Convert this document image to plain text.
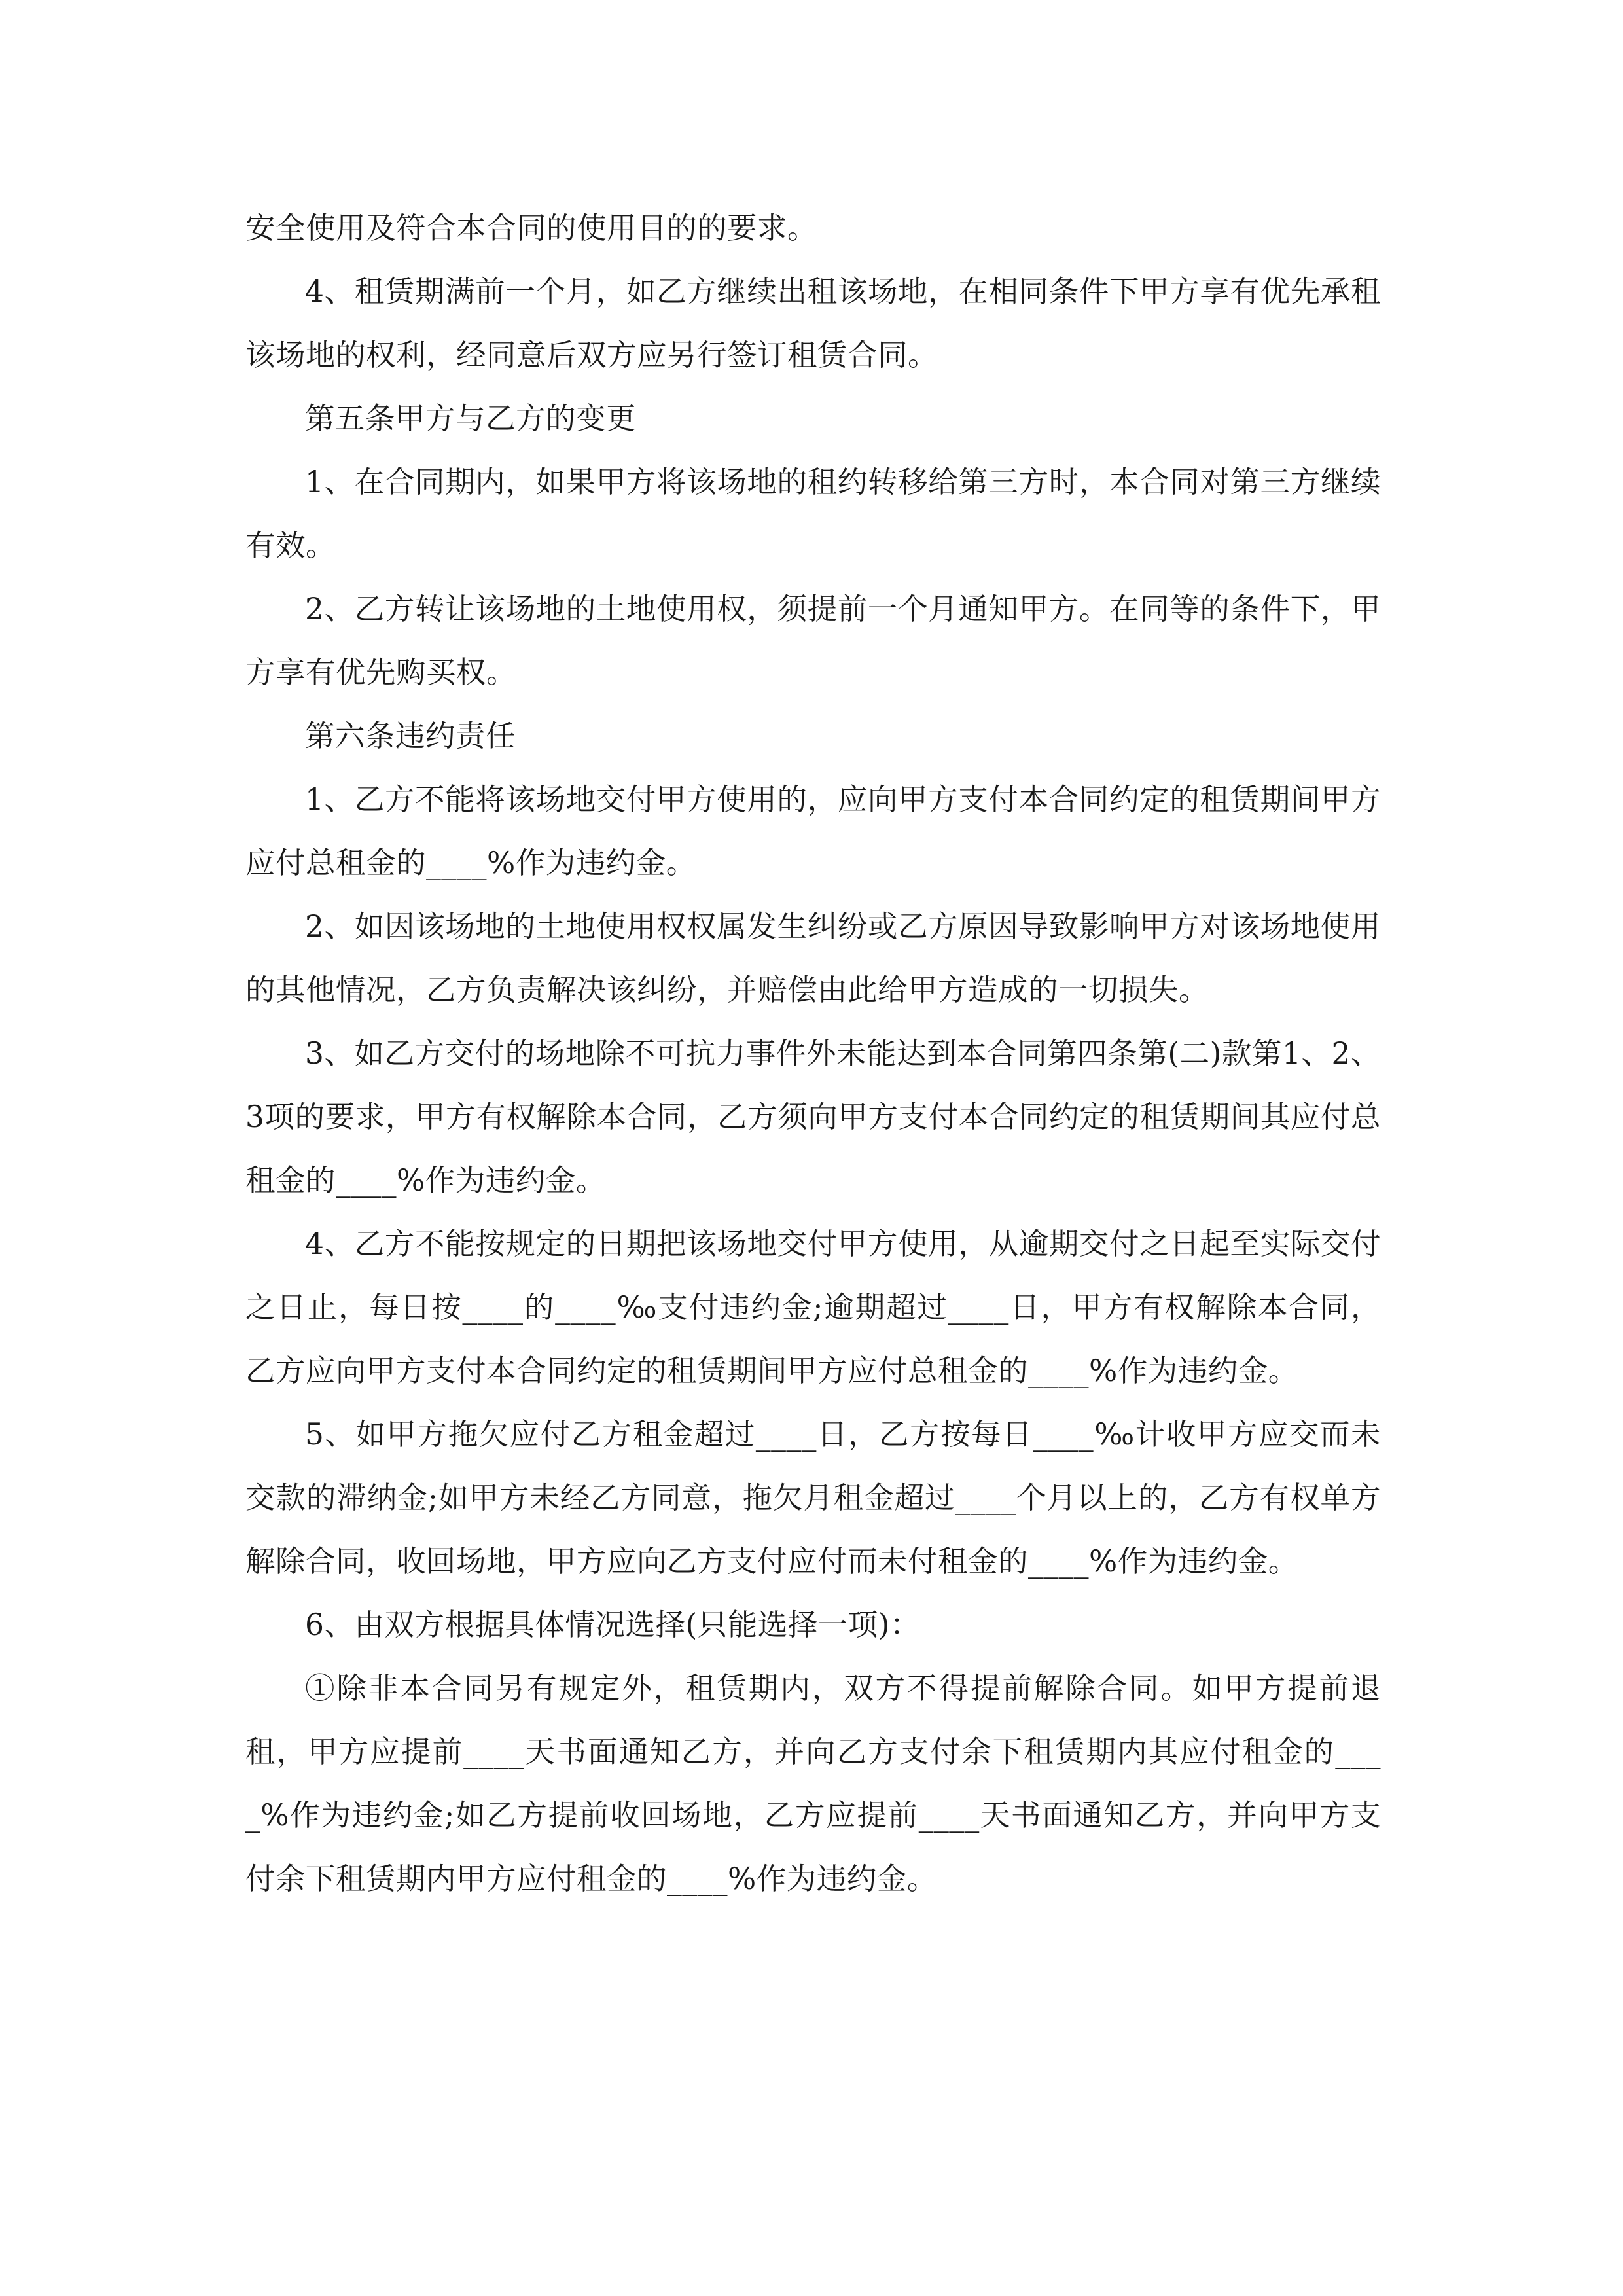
安全使用及符合本合同的使用目的的要求。

4、租赁期满前一个月，如乙方继续出租该场地，在相同条件下甲方享有优先承租该场地的权利，经同意后双方应另行签订租赁合同。

第五条甲方与乙方的变更

1、在合同期内，如果甲方将该场地的租约转移给第三方时，本合同对第三方继续有效。

2、乙方转让该场地的土地使用权，须提前一个月通知甲方。在同等的条件下，甲方享有优先购买权。

第六条违约责任

1、乙方不能将该场地交付甲方使用的，应向甲方支付本合同约定的租赁期间甲方应付总租金的____%作为违约金。

2、如因该场地的土地使用权权属发生纠纷或乙方原因导致影响甲方对该场地使用的其他情况，乙方负责解决该纠纷，并赔偿由此给甲方造成的一切损失。

3、如乙方交付的场地除不可抗力事件外未能达到本合同第四条第(二)款第1、2、3项的要求，甲方有权解除本合同，乙方须向甲方支付本合同约定的租赁期间其应付总租金的____%作为违约金。

4、乙方不能按规定的日期把该场地交付甲方使用，从逾期交付之日起至实际交付之日止，每日按____的____‰支付违约金;逾期超过____日，甲方有权解除本合同，乙方应向甲方支付本合同约定的租赁期间甲方应付总租金的____%作为违约金。

5、如甲方拖欠应付乙方租金超过____日，乙方按每日____‰计收甲方应交而未交款的滞纳金;如甲方未经乙方同意，拖欠月租金超过____个月以上的，乙方有权单方解除合同，收回场地，甲方应向乙方支付应付而未付租金的____%作为违约金。

6、由双方根据具体情况选择(只能选择一项)：

①除非本合同另有规定外，租赁期内，双方不得提前解除合同。如甲方提前退租，甲方应提前____天书面通知乙方，并向乙方支付余下租赁期内其应付租金的____%作为违约金;如乙方提前收回场地，乙方应提前____天书面通知乙方，并向甲方支付余下租赁期内甲方应付租金的____%作为违约金。
